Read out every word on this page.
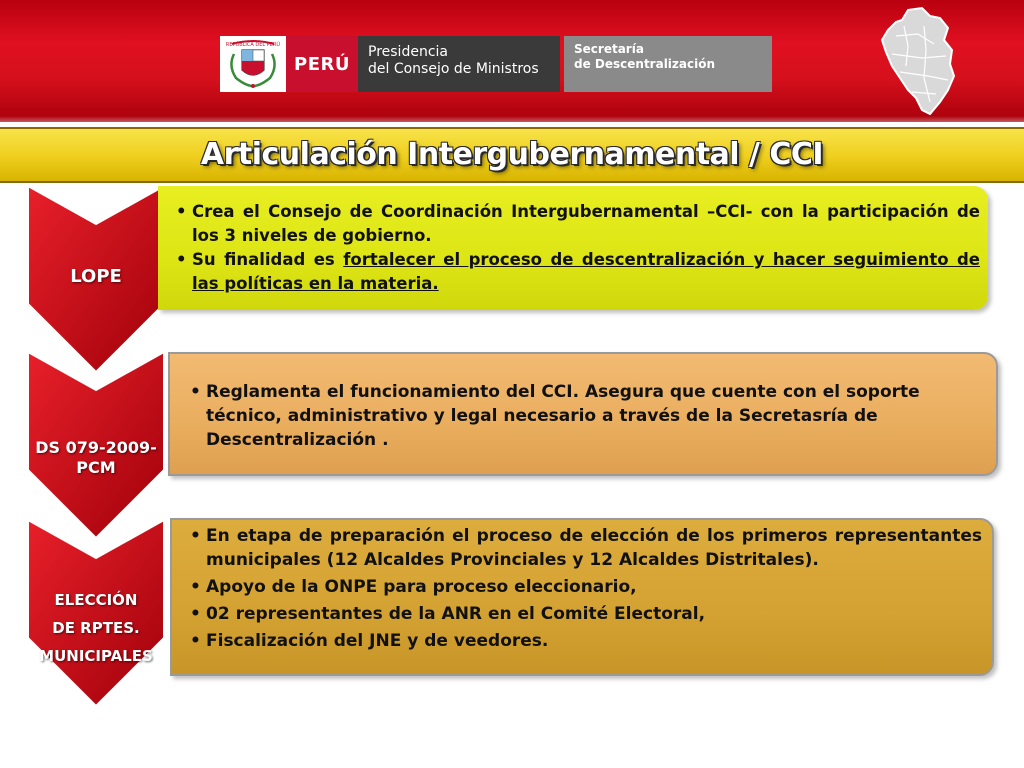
REPÚBLICA DEL PERÚ
PERÚ
Presidencia
del Consejo de Ministros
Secretaría
de Descentralización
Articulación Intergubernamental / CCI
LOPE
• Crea el Consejo de Coordinación Intergubernamental –CCI- con la participación de los 3 niveles de gobierno.
• Su finalidad es fortalecer el proceso de descentralización y hacer seguimiento de las políticas en la materia.
DS 079-2009-
PCM
• Reglamenta el funcionamiento del CCI. Asegura que cuente con el soporte técnico, administrativo y legal necesario a través de la Secretasría de Descentralización .
ELECCIÓN
DE RPTES.
MUNICIPALES
• En etapa de preparación el proceso de elección de los primeros representantes municipales (12 Alcaldes Provinciales y 12 Alcaldes Distritales).
• Apoyo de la ONPE para proceso eleccionario,
• 02 representantes de la ANR en el Comité Electoral,
• Fiscalización del JNE y de veedores.
